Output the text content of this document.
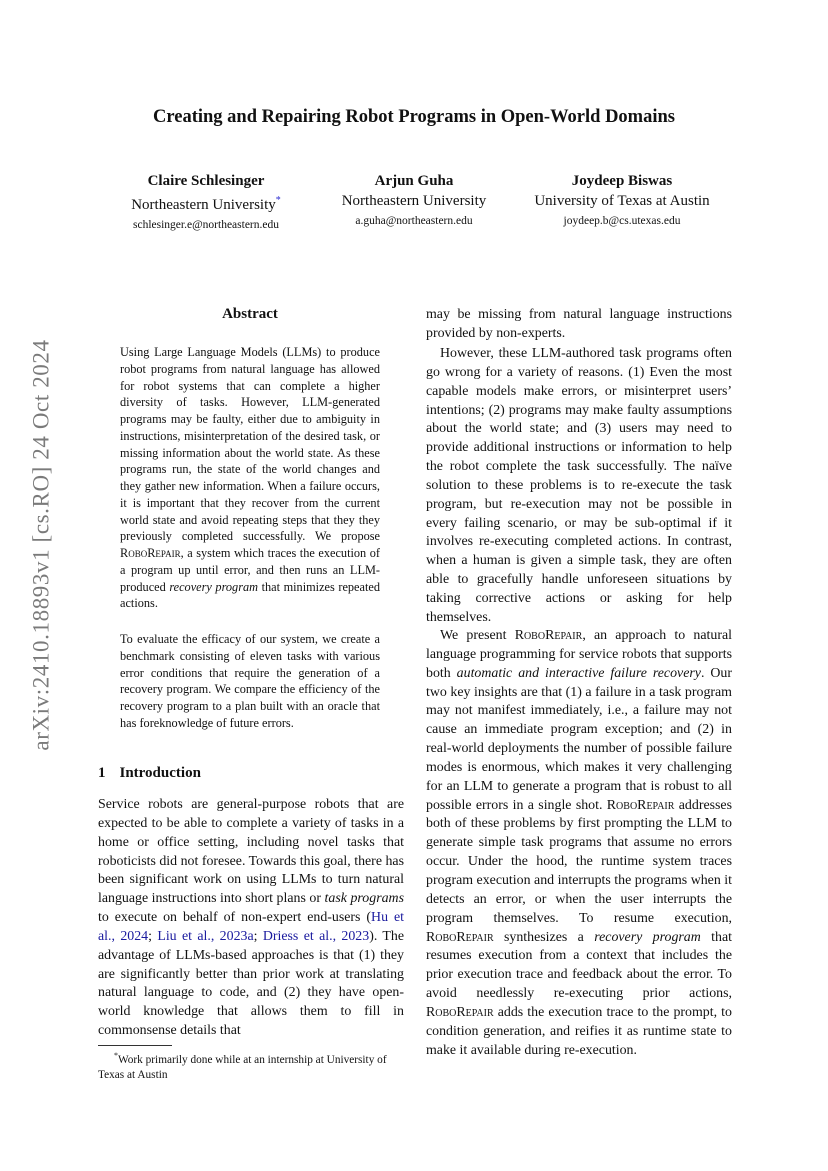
arXiv:2410.18893v1 [cs.RO] 24 Oct 2024
Creating and Repairing Robot Programs in Open-World Domains
Claire Schlesinger
Northeastern University*
schlesinger.e@northeastern.edu
Arjun Guha
Northeastern University
a.guha@northeastern.edu
Joydeep Biswas
University of Texas at Austin
joydeep.b@cs.utexas.edu
Abstract

Using Large Language Models (LLMs) to produce robot programs from natural language has allowed for robot systems that can complete a higher diversity of tasks. However, LLM-generated programs may be faulty, either due to ambiguity in instructions, misinterpretation of the desired task, or missing information about the world state. As these programs run, the state of the world changes and they gather new information. When a failure occurs, it is important that they recover from the current world state and avoid repeating steps that they they previously completed successfully. We propose RoboRepair, a system which traces the execution of a program up until error, and then runs an LLM-produced recovery program that minimizes repeated actions.

To evaluate the efficacy of our system, we create a benchmark consisting of eleven tasks with various error conditions that require the generation of a recovery program. We compare the efficiency of the recovery program to a plan built with an oracle that has foreknowledge of future errors.

1 Introduction

Service robots are general-purpose robots that are expected to be able to complete a variety of tasks in a home or office setting, including novel tasks that roboticists did not foresee. Towards this goal, there has been significant work on using LLMs to turn natural language instructions into short plans or task programs to execute on behalf of non-expert end-users (Hu et al., 2024; Liu et al., 2023a; Driess et al., 2023). The advantage of LLMs-based approaches is that (1) they are significantly better than prior work at translating natural language to code, and (2) they have open-world knowledge that allows them to fill in commonsense details that

may be missing from natural language instructions provided by non-experts.

However, these LLM-authored task programs often go wrong for a variety of reasons. (1) Even the most capable models make errors, or misinterpret users’ intentions; (2) programs may make faulty assumptions about the world state; and (3) users may need to provide additional instructions or information to help the robot complete the task successfully. The naïve solution to these problems is to re-execute the task program, but re-execution may not be possible in every failing scenario, or may be sub-optimal if it involves re-executing completed actions. In contrast, when a human is given a simple task, they are often able to gracefully handle unforeseen situations by taking corrective actions or asking for help themselves.

We present RoboRepair, an approach to natural language programming for service robots that supports both automatic and interactive failure recovery. Our two key insights are that (1) a failure in a task program may not manifest immediately, i.e., a failure may not cause an immediate program exception; and (2) in real-world deployments the number of possible failure modes is enormous, which makes it very challenging for an LLM to generate a program that is robust to all possible errors in a single shot. RoboRepair addresses both of these problems by first prompting the LLM to generate simple task programs that assume no errors occur. Under the hood, the runtime system traces program execution and interrupts the programs when it detects an error, or when the user interrupts the program themselves. To resume execution, RoboRepair synthesizes a recovery program that resumes execution from a context that includes the prior execution trace and feedback about the error. To avoid needlessly re-executing prior actions, RoboRepair adds the execution trace to the prompt, to condition generation, and reifies it as runtime state to make it available during re-execution.

*Work primarily done while at an internship at University of Texas at Austin
